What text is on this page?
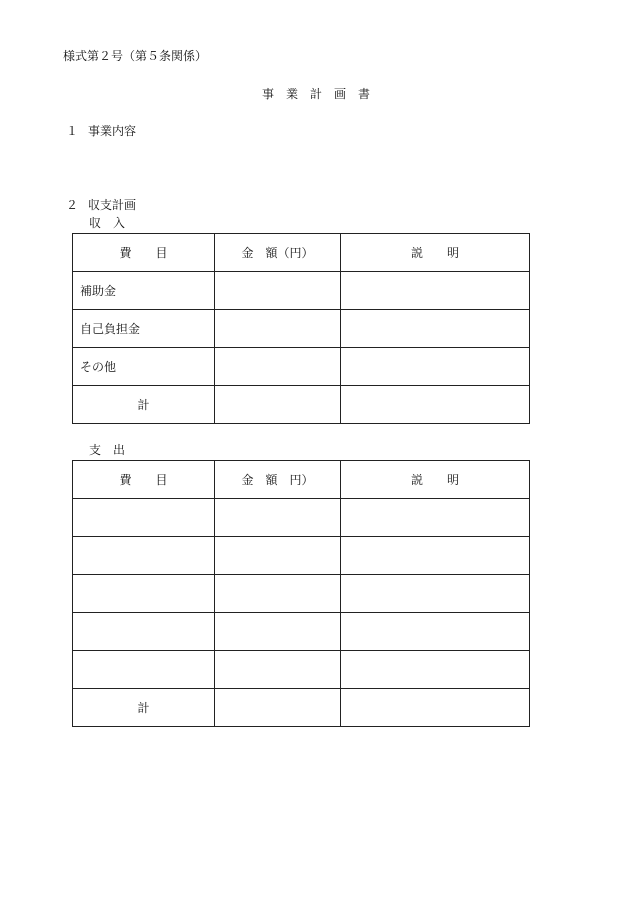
様式第２号（第５条関係）
事　業　計　画　書
１ 事業内容
２ 収支計画
収　入
費　　目	金　額（円）	説　　明
補助金		
自己負担金		
その他		
計		
支　出
費　　目	金　額　円）	説　　明

計		
